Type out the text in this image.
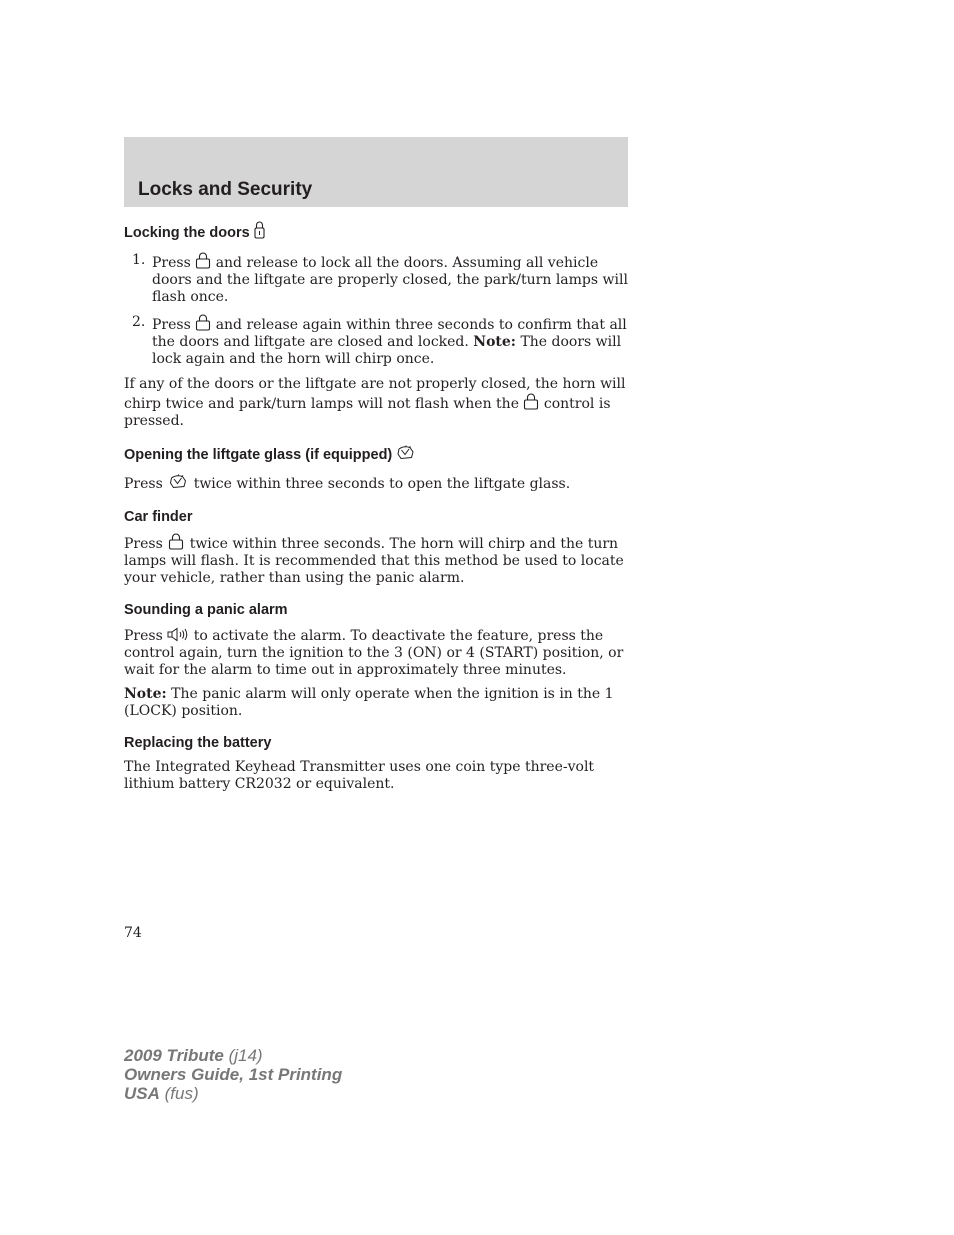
Locks and Security
Locking the doors
1. Press and release to lock all the doors. Assuming all vehicle doors and the liftgate are properly closed, the park/turn lamps will flash once.

2. Press and release again within three seconds to confirm that all the doors and liftgate are closed and locked. Note: The doors will lock again and the horn will chirp once.

If any of the doors or the liftgate are not properly closed, the horn will chirp twice and park/turn lamps will not flash when the control is pressed.

Opening the liftgate glass (if equipped)

Press twice within three seconds to open the liftgate glass.

Car finder

Press twice within three seconds. The horn will chirp and the turn lamps will flash. It is recommended that this method be used to locate your vehicle, rather than using the panic alarm.

Sounding a panic alarm

Press to activate the alarm. To deactivate the feature, press the control again, turn the ignition to the 3 (ON) or 4 (START) position, or wait for the alarm to time out in approximately three minutes.

Note: The panic alarm will only operate when the ignition is in the 1 (LOCK) position.

Replacing the battery

The Integrated Keyhead Transmitter uses one coin type three-volt lithium battery CR2032 or equivalent.

74

2009 Tribute (j14)
Owners Guide, 1st Printing
USA (fus)
